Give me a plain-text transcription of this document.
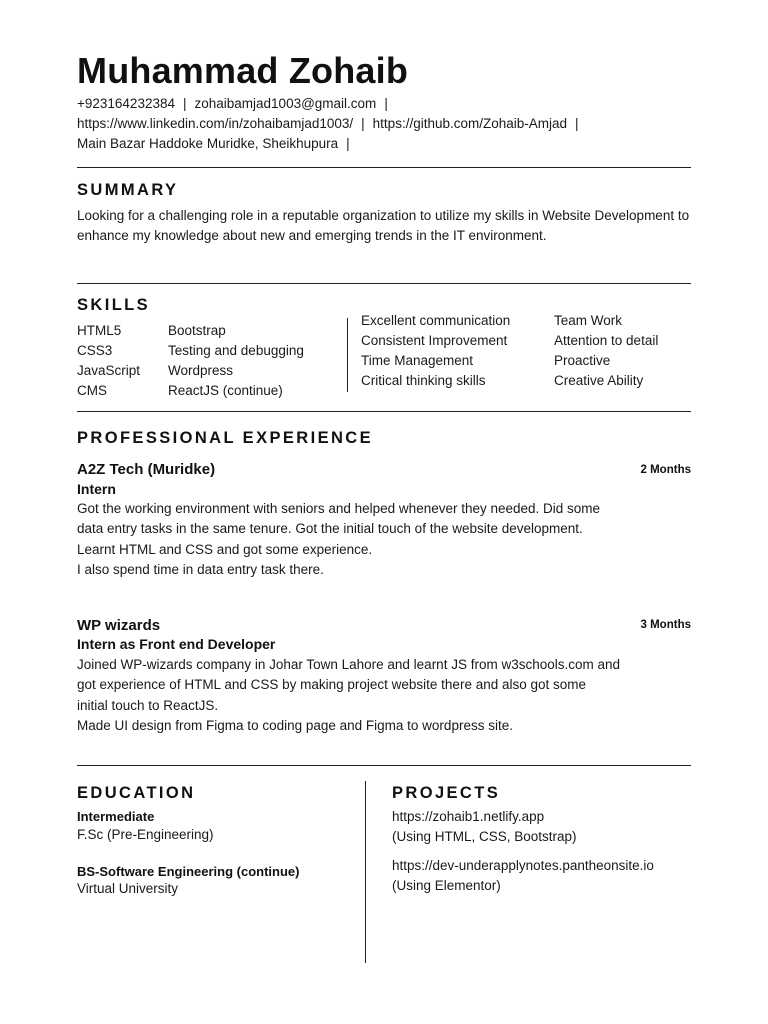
Muhammad Zohaib
+923164232384 | zohaibamjad1003@gmail.com |
https://www.linkedin.com/in/zohaibamjad1003/ | https://github.com/Zohaib-Amjad |
Main Bazar Haddoke Muridke, Sheikhupura |
SUMMARY

Looking for a challenging role in a reputable organization to utilize my skills in Website Development to enhance my knowledge about new and emerging trends in the IT environment.

SKILLS
HTML5
CSS3
JavaScript
CMS
Bootstrap
Testing and debugging
Wordpress
ReactJS (continue)
Excellent communication
Consistent Improvement
Time Management
Critical thinking skills
Team Work
Attention to detail
Proactive
Creative Ability
PROFESSIONAL EXPERIENCE
A2Z Tech (Muridke)	2 Months
Intern
Got the working environment with seniors and helped whenever they needed. Did some
data entry tasks in the same tenure. Got the initial touch of the website development.
Learnt HTML and CSS and got some experience.
I also spend time in data entry task there.
WP wizards	3 Months
Intern as Front end Developer
Joined WP-wizards company in Johar Town Lahore and learnt JS from w3schools.com and
got experience of HTML and CSS by making project website there and also got some
initial touch to ReactJS.
Made UI design from Figma to coding page and Figma to wordpress site.
EDUCATION
Intermediate
F.Sc (Pre-Engineering)
BS-Software Engineering (continue)
Virtual University
PROJECTS
https://zohaib1.netlify.app
(Using HTML, CSS, Bootstrap)
https://dev-underapplynotes.pantheonsite.io
(Using Elementor)
